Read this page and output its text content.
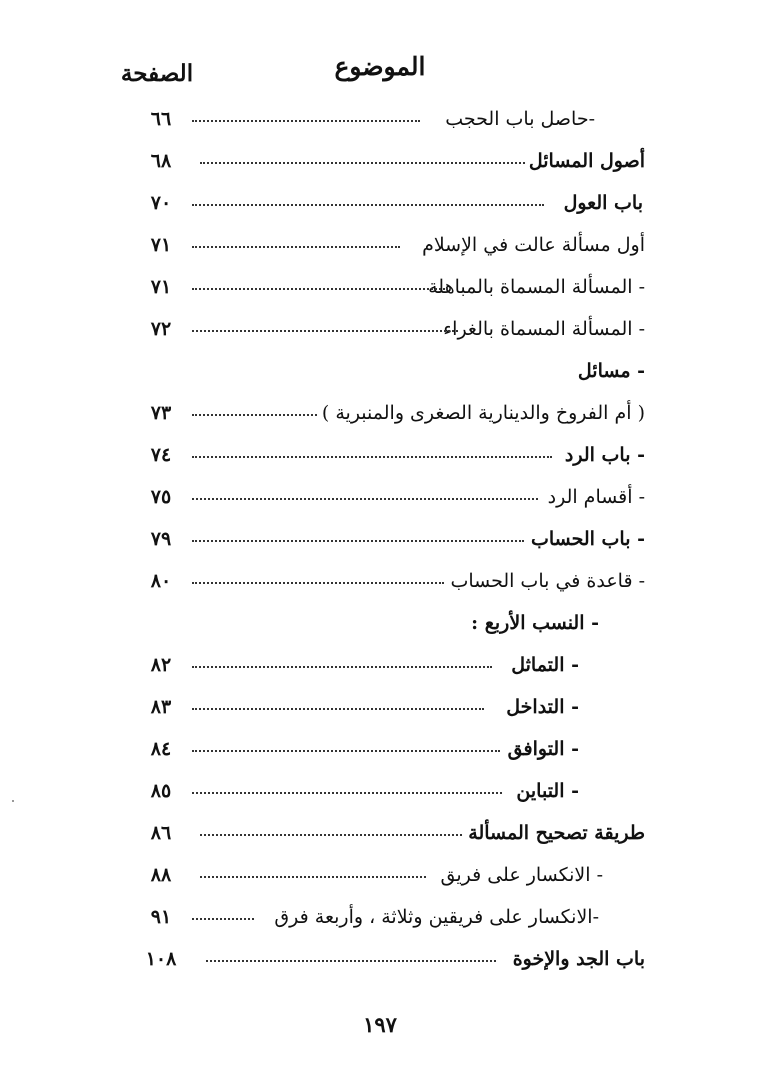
الموضوع
الصفحة
-حاصل باب الحجب
٦٦
أصول المسائل
٦٨
باب العول
٧٠
أول مسألة عالت في الإسلام
٧١
- المسألة المسماة بالمباهلة
٧١
- المسألة المسماة بالغراء
٧٢
- مسائل
( أم الفروخ والدينارية الصغرى والمنبرية )
٧٣
- باب الرد
٧٤
- أقسام الرد
٧٥
- باب الحساب
٧٩
- قاعدة في باب الحساب
٨٠
- النسب الأربع :
- التماثل
٨٢
- التداخل
٨٣
- التوافق
٨٤
- التباين
٨٥
طريقة تصحيح المسألة
٨٦
- الانكسار على فريق
٨٨
-الانكسار على فريقين وثلاثة ، وأربعة فرق
٩١
باب الجد والإخوة
١٠٨
١٩٧
